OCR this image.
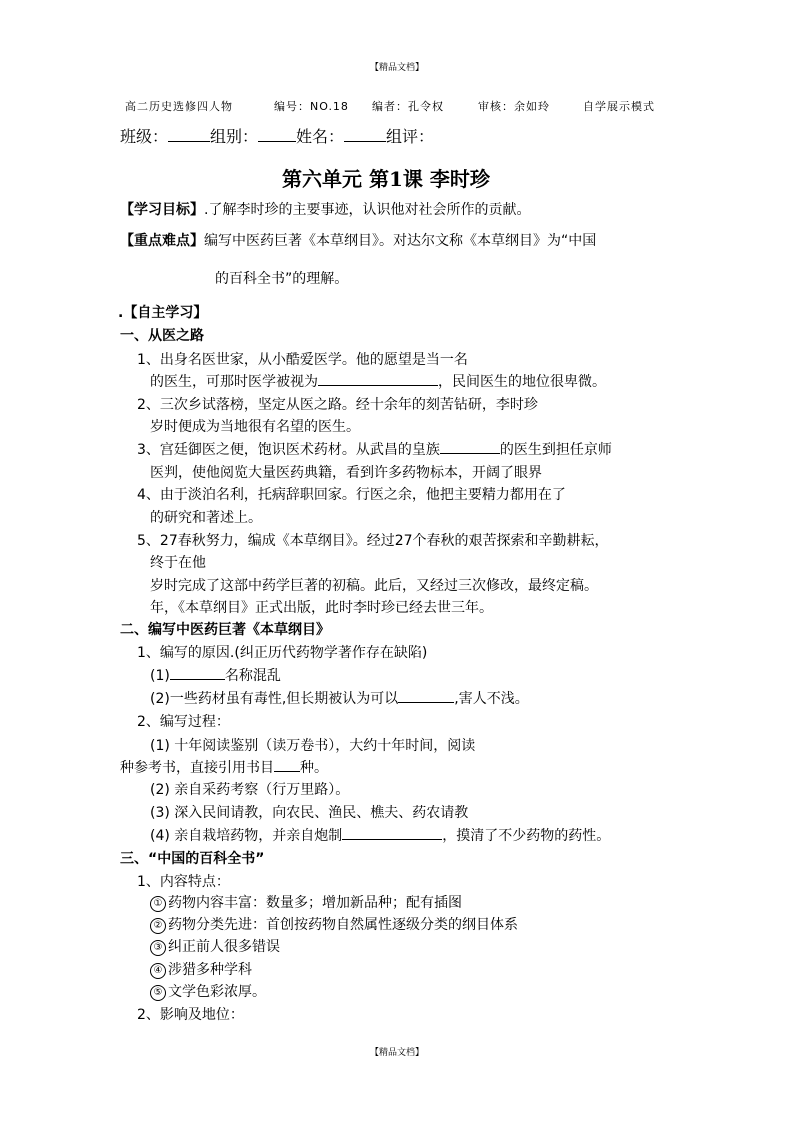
【精品文档】
高二历史选修四人物	编号：NO.18 编者：孔令权	审核：余如玲	自学展示模式
班级：	组别： 姓名：	组评：
第六单元 第1课 李时珍
【学习目标】.了解李时珍的主要事迹，认识他对社会所作的贡献。
【重点难点】编写中医药巨著《本草纲目》。对达尔文称《本草纲目》为“中国
的百科全书”的理解。
.【自主学习】
一、从医之路
1、出身名医世家，从小酷爱医学。他的愿望是当一名
的医生，可那时医学被视为	，民间医生的地位很卑微。
2、三次乡试落榜，坚定从医之路。经十余年的刻苦钻研，李时珍
岁时便成为当地很有名望的医生。
3、宫廷御医之便，饱识医术药材。从武昌的皇族	的医生到担任京师
医判，使他阅览大量医药典籍，看到许多药物标本，开阔了眼界
4、由于淡泊名利，托病辞职回家。行医之余，他把主要精力都用在了
的研究和著述上。
5、27春秋努力，编成《本草纲目》。经过27个春秋的艰苦探索和辛勤耕耘，
终于在他
岁时完成了这部中药学巨著的初稿。此后，又经过三次修改，最终定稿。
年，《本草纲目》正式出版，此时李时珍已经去世三年。
二、编写中医药巨著《本草纲目》
1、编写的原因.(纠正历代药物学著作存在缺陷)
(1)	名称混乱
(2)一些药材虽有毒性,但长期被认为可以	,害人不浅。
2、编写过程：
(1) 十年阅读鉴别（读万卷书），大约十年时间，阅读
种参考书，直接引用书目 种。
(2) 亲自采药考察（行万里路）。
(3) 深入民间请教，向农民、渔民、樵夫、药农请教
(4) 亲自栽培药物，并亲自炮制	，摸清了不少药物的药性。
三、“中国的百科全书”
1、内容特点：
① 药物内容丰富：数量多；增加新品种；配有插图
② 药物分类先进：首创按药物自然属性逐级分类的纲目体系
③ 纠正前人很多错误
④ 涉猎多种学科
⑤ 文学色彩浓厚。
2、影响及地位：
【精品文档】
